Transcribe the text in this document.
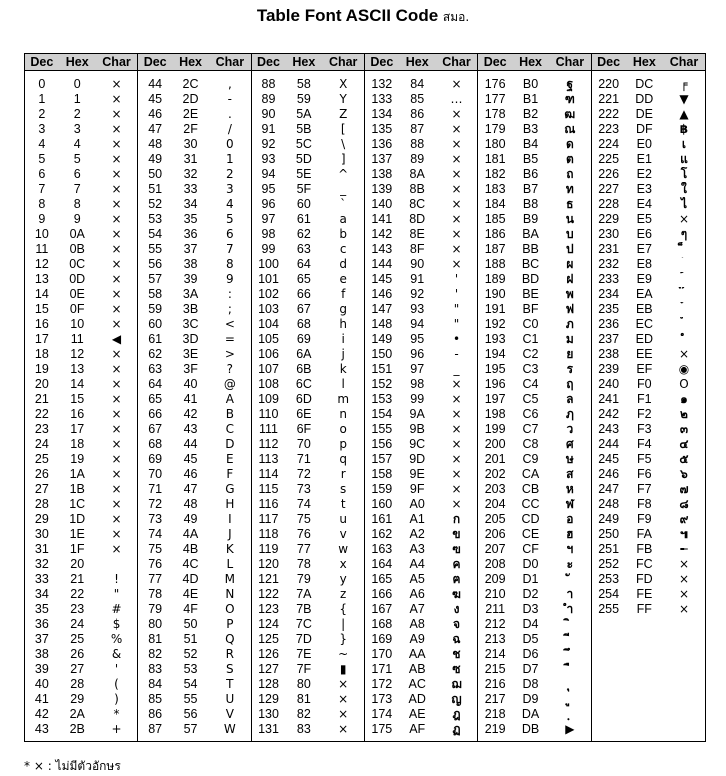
Table Font ASCII Code สมอ.
Dec Hex	Char
0	0	×
1	1	×
2	2	×
3	3	×
4	4	×
5	5	×
6	6	×
7	7	×
8	8	×
9	9	×
10	0A	×
11	0B	×
12	0C	×
13	0D	×
14	0E	×
15	0F	×
16	10	×
17	11	◀
18	12	×
19	13	×
20	14	×
21	15	×
22	16	×
23	17	×
24	18	×
25	19	×
26	1A	×
27	1B	×
28	1C	×
29	1D	×
30	1E	×
31	1F	×
32	20
33	21	!
34	22	"
35	23	#
36	24	$
37	25	%
38	26	&
39	27	'
40	28	(
41	29	)
42	2A	*
43	2B	+
Dec Hex	Char
44	2C	,
45	2D	-
46	2E	.
47	2F	/
48	30	0
49	31	1
50	32	2
51	33	3
52	34	4
53	35	5
54	36	6
55	37	7
56	38	8
57	39	9
58	3A	:
59	3B	;
60	3C	<
61	3D	=
62	3E	>
63	3F	?
64	40	@
65	41	A
66	42	B
67	43	C
68	44	D
69	45	E
70	46	F
71	47	G
72	48	H
73	49	I
74	4A	J
75	4B	K
76	4C	L
77	4D	M
78	4E	N
79	4F	O
80	50	P
81	51	Q
82	52	R
83	53	S
84	54	T
85	55	U
86	56	V
87	57	W
Dec Hex	Char
88	58	X
89	59	Y
90	5A	Z
91	5B	[
92	5C	\
93	5D	]
94	5E	^
95	5F	_
96	60	`
97	61	a
98	62	b
99	63	c
100	64	d
101	65	e
102	66	f
103	67	g
104	68	h
105	69	i
106	6A	j
107	6B	k
108	6C	l
109	6D	m
110	6E	n
111	6F	o
112	70	p
113	71	q
114	72	r
115	73	s
116	74	t
117	75	u
118	76	v
119	77	w
120	78	x
121	79	y
122	7A	z
123	7B	{
124	7C	|
125	7D	}
126	7E	~
127	7F	▮
128	80	×
129	81	×
130	82	×
131	83	×
Dec Hex	Char
132	84	×
133	85	…
134	86	×
135	87	×
136	88	×
137	89	×
138	8A	×
139	8B	×
140	8C	×
141	8D	×
142	8E	×
143	8F	×
144	90	×
145	91	'
146	92	'
147	93	"
148	94	"
149	95	•
150	96	-
151	97	_
152	98	×
153	99	×
154	9A	×
155	9B	×
156	9C	×
157	9D	×
158	9E	×
159	9F	×
160	A0	×
161	A1	ก
162	A2	ข
163	A3	ฃ
164	A4	ค
165	A5	ฅ
166	A6	ฆ
167	A7	ง
168	A8	จ
169	A9	ฉ
170	AA	ช
171	AB	ซ
172	AC	ฌ
173	AD	ญ
174	AE	ฎ
175	AF	ฏ
Dec Hex	Char
176	B0	ฐ
177	B1	ฑ
178	B2	ฒ
179	B3	ณ
180	B4	ด
181	B5	ต
182	B6	ถ
183	B7	ท
184	B8	ธ
185	B9	น
186	BA	บ
187	BB	ป
188	BC	ผ
189	BD	ฝ
190	BE	พ
191	BF	ฟ
192	C0	ภ
193	C1	ม
194	C2	ย
195	C3	ร
196	C4	ฤ
197	C5	ล
198	C6	ฦ
199	C7	ว
200	C8	ศ
201	C9	ษ
202	CA	ส
203	CB	ห
204	CC	ฬ
205	CD	อ
206	CE	ฮ
207	CF	ฯ
208	D0	ะ
209	D1
210	D2	า
211	D3	ำ
212	D4
213	D5
214	D6
215	D7
216	D8
217	D9
218	DA
219	DB	▶
Dec	Hex	Char
220	DC	╒
221	DD	▼
222	DE	▲
223	DF	฿
224	E0	เ
225	E1	แ
226	E2	โ
227	E3	ใ
228	E4	ไ
229	E5	×
230	E6	ๆ
231	E7
232	E8
233	E9
234	EA
235	EB
236	EC
237	ED
238	EE	×
239	EF	◉
240	F0	O
241	F1	๑
242	F2	๒
243	F3	๓
244	F4	๔
245	F5	๕
246	F6	๖
247	F7	๗
248	F8	๘
249	F9	๙
250	FA	๚
251	FB	╾
252	FC	×
253	FD	×
254	FE	×
255	FF	×
* × : ไม่มีตัวอักษร
